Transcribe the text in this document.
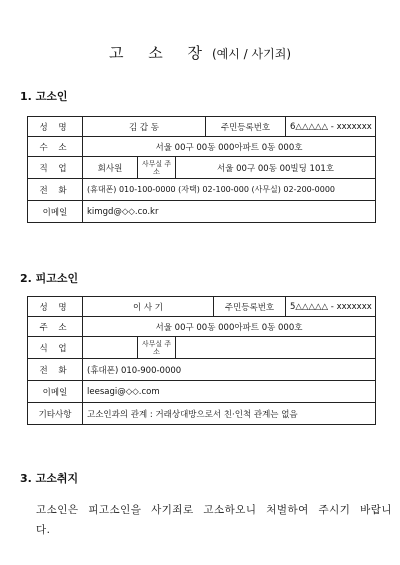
고 소 장(예시 / 사기죄)
1. 고소인
성 명	김 갑 동			주민등록번호	6△△△△△ - xxxxxxx
수 소	서울 00구 00동 000아파트 0동 000호				
직 업	회사원	사무실 주소	서울 00구 00동 00빌딩 101호		
전 화	(휴대폰) 010-100-0000 (자택) 02-100-000 (사무실) 02-200-0000				
이메일	kimgd@◇◇.co.kr				
2. 피고소인
성 명	이 사 기			주민등록번호	5△△△△△ - xxxxxxx
주 소	서울 00구 00동 000아파트 0동 000호				
식 업		사무실 주소			
전 화	(휴대폰) 010-900-0000				
이메일	leesagi@◇◇.com				
기타사항	고소인과의 관계 : 거래상대방으로서 친·인척 관계는 없음				
3. 고소취지
고소인은 피고소인을 사기죄로 고소하오니 처벌하여 주시기 바랍니다.
